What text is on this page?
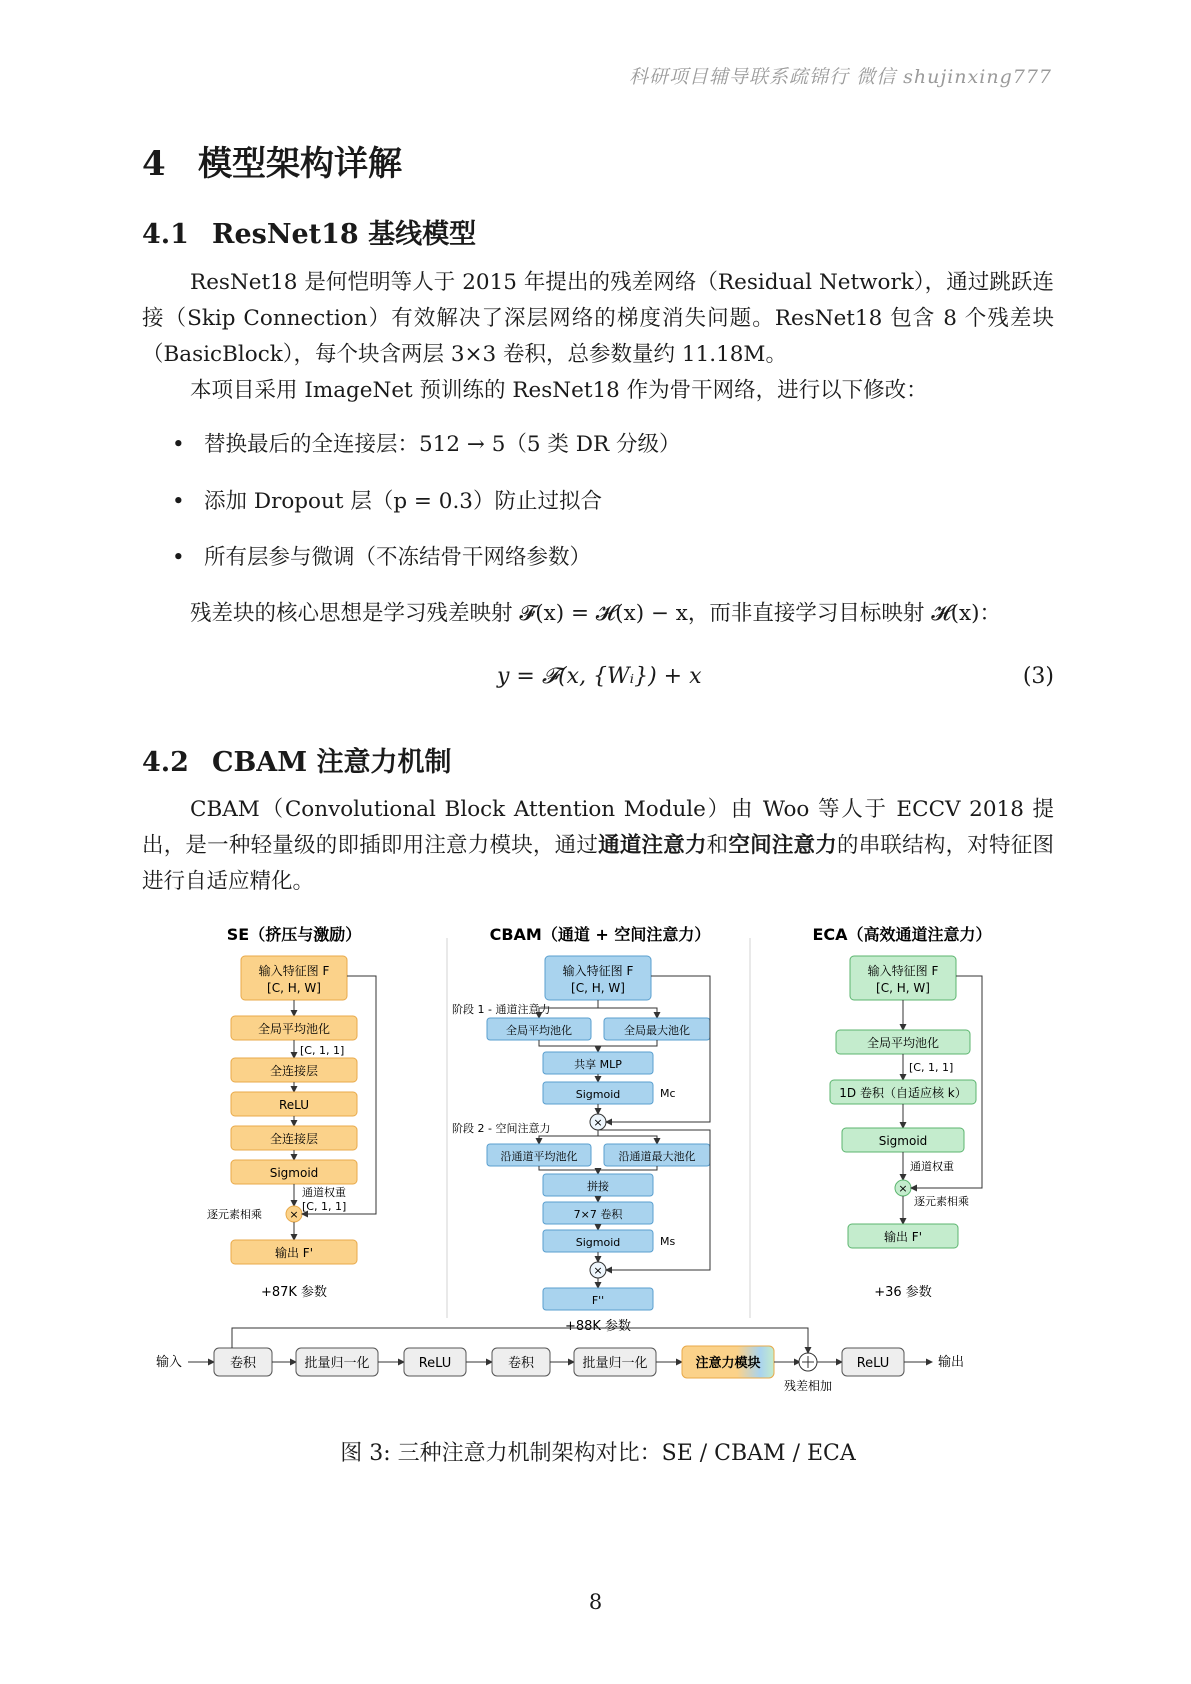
科研项目辅导联系疏锦行 微信 shujinxing777
4 模型架构详解
4.1 ResNet18 基线模型
ResNet18 是何恺明等人于 2015 年提出的残差网络（Residual Network），通过跳跃连接（Skip Connection）有效解决了深层网络的梯度消失问题。ResNet18 包含 8 个残差块（BasicBlock），每个块含两层 3×3 卷积，总参数量约 11.18M。
本项目采用 ImageNet 预训练的 ResNet18 作为骨干网络，进行以下修改：
• 替换最后的全连接层：512 → 5（5 类 DR 分级）
• 添加 Dropout 层（p = 0.3）防止过拟合
• 所有层参与微调（不冻结骨干网络参数）
残差块的核心思想是学习残差映射 𝓕(x) = 𝓗(x) − x，而非直接学习目标映射 𝓗(x)：
y = 𝓕(x, {Wᵢ}) + x	(3)
4.2 CBAM 注意力机制
CBAM（Convolutional Block Attention Module）由 Woo 等人于 ECCV 2018 提出，是一种轻量级的即插即用注意力模块，通过通道注意力和空间注意力的串联结构，对特征图进行自适应精化。
SE（挤压与激励）
输入特征图 F
[C, H, W]
全局平均池化
[C, 1, 1]
全连接层
ReLU
全连接层
Sigmoid
通道权重
[C, 1, 1]
×
逐元素相乘
输出 F'
+87K 参数
CBAM（通道 + 空间注意力）
输入特征图 F
[C, H, W]
阶段 1 - 通道注意力
全局平均池化	全局最大池化
共享 MLP
Sigmoid	Mc
×
阶段 2 - 空间注意力
沿通道平均池化	沿通道最大池化
拼接
7×7 卷积
Sigmoid	Ms
×
F''
+88K 参数
ECA（高效通道注意力）
输入特征图 F
[C, H, W]
全局平均池化
[C, 1, 1]
1D 卷积（自适应核 k）
Sigmoid
通道权重
×
逐元素相乘
输出 F'
+36 参数
输入	卷积	批量归一化	ReLU	卷积	批量归一化	注意力模块
残差相加
ReLU	输出
图 3: 三种注意力机制架构对比：SE / CBAM / ECA
8
